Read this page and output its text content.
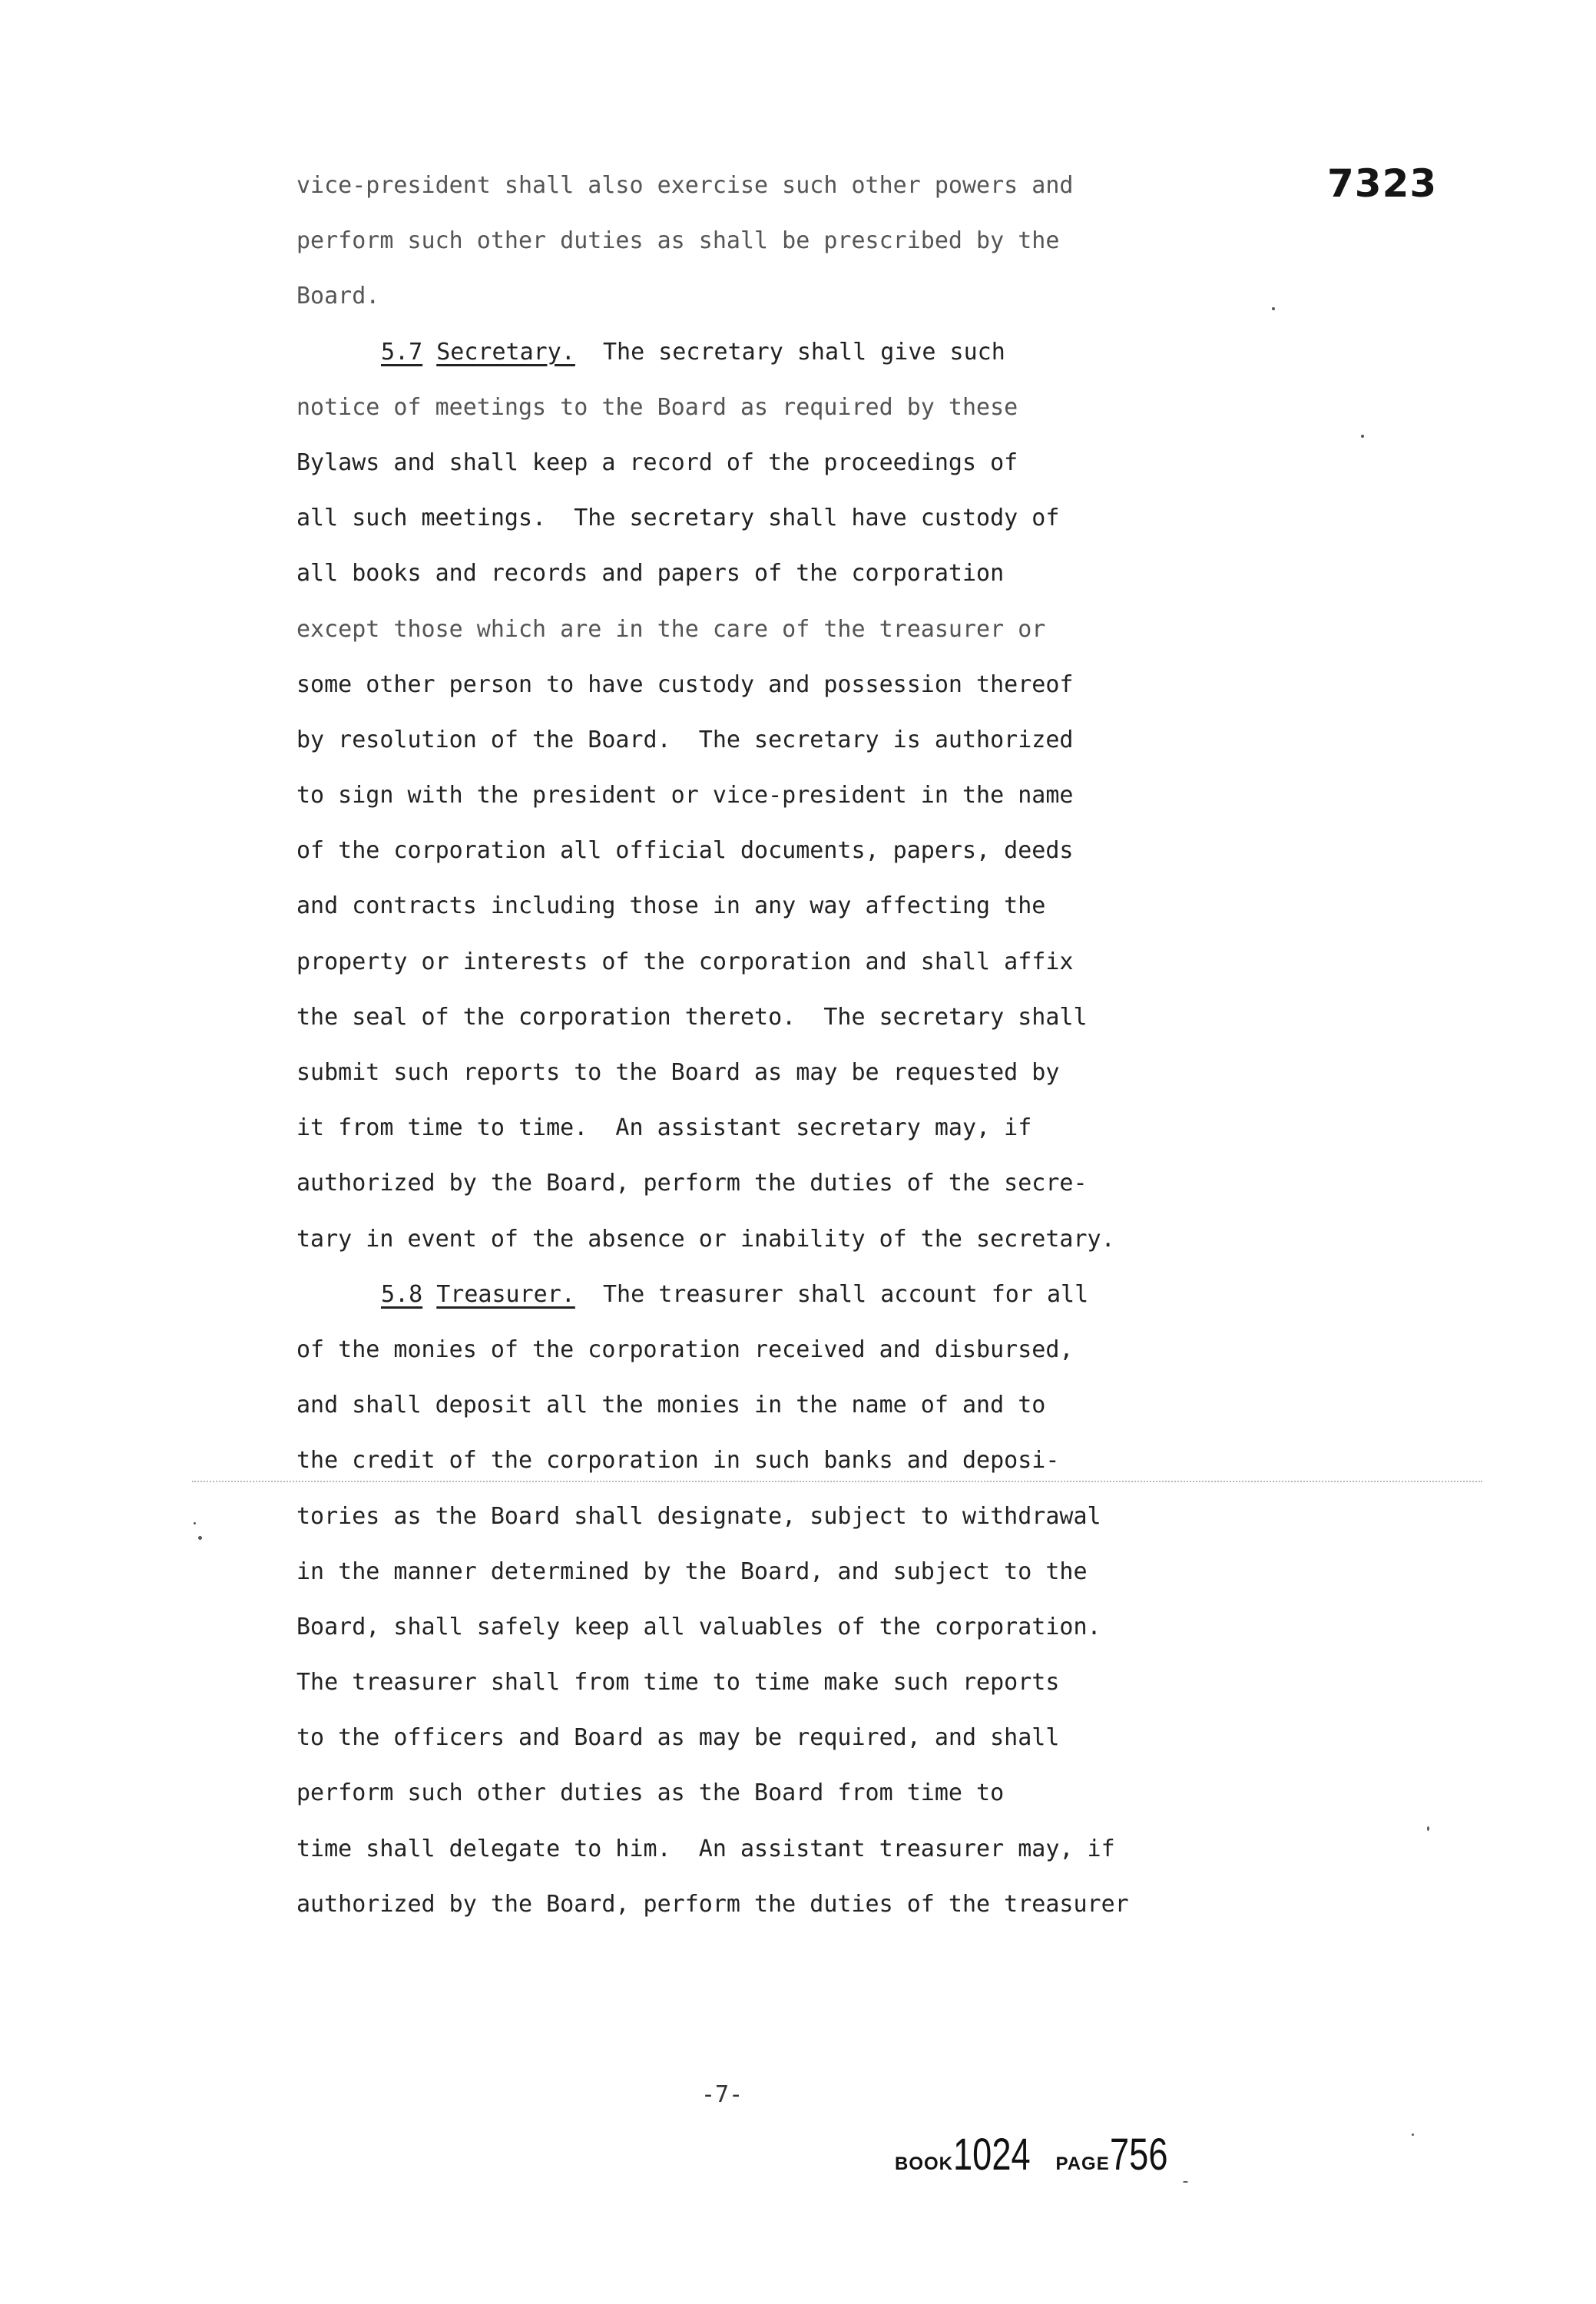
7323
vice-president shall also exercise such other powers and
perform such other duties as shall be prescribed by the
Board.
5.7 Secretary. The secretary shall give such
notice of meetings to the Board as required by these
Bylaws and shall keep a record of the proceedings of
all such meetings.  The secretary shall have custody of
all books and records and papers of the corporation
except those which are in the care of the treasurer or
some other person to have custody and possession thereof
by resolution of the Board.  The secretary is authorized
to sign with the president or vice-president in the name
of the corporation all official documents, papers, deeds
and contracts including those in any way affecting the
property or interests of the corporation and shall affix
the seal of the corporation thereto.  The secretary shall
submit such reports to the Board as may be requested by
it from time to time.  An assistant secretary may, if
authorized by the Board, perform the duties of the secre-
tary in event of the absence or inability of the secretary.
5.8 Treasurer. The treasurer shall account for all
of the monies of the corporation received and disbursed,
and shall deposit all the monies in the name of and to
the credit of the corporation in such banks and deposi-
tories as the Board shall designate, subject to withdrawal
in the manner determined by the Board, and subject to the
Board, shall safely keep all valuables of the corporation.
The treasurer shall from time to time make such reports
to the officers and Board as may be required, and shall
perform such other duties as the Board from time to
time shall delegate to him.  An assistant treasurer may, if
authorized by the Board, perform the duties of the treasurer
-7-
BOOK1024 PAGE756
